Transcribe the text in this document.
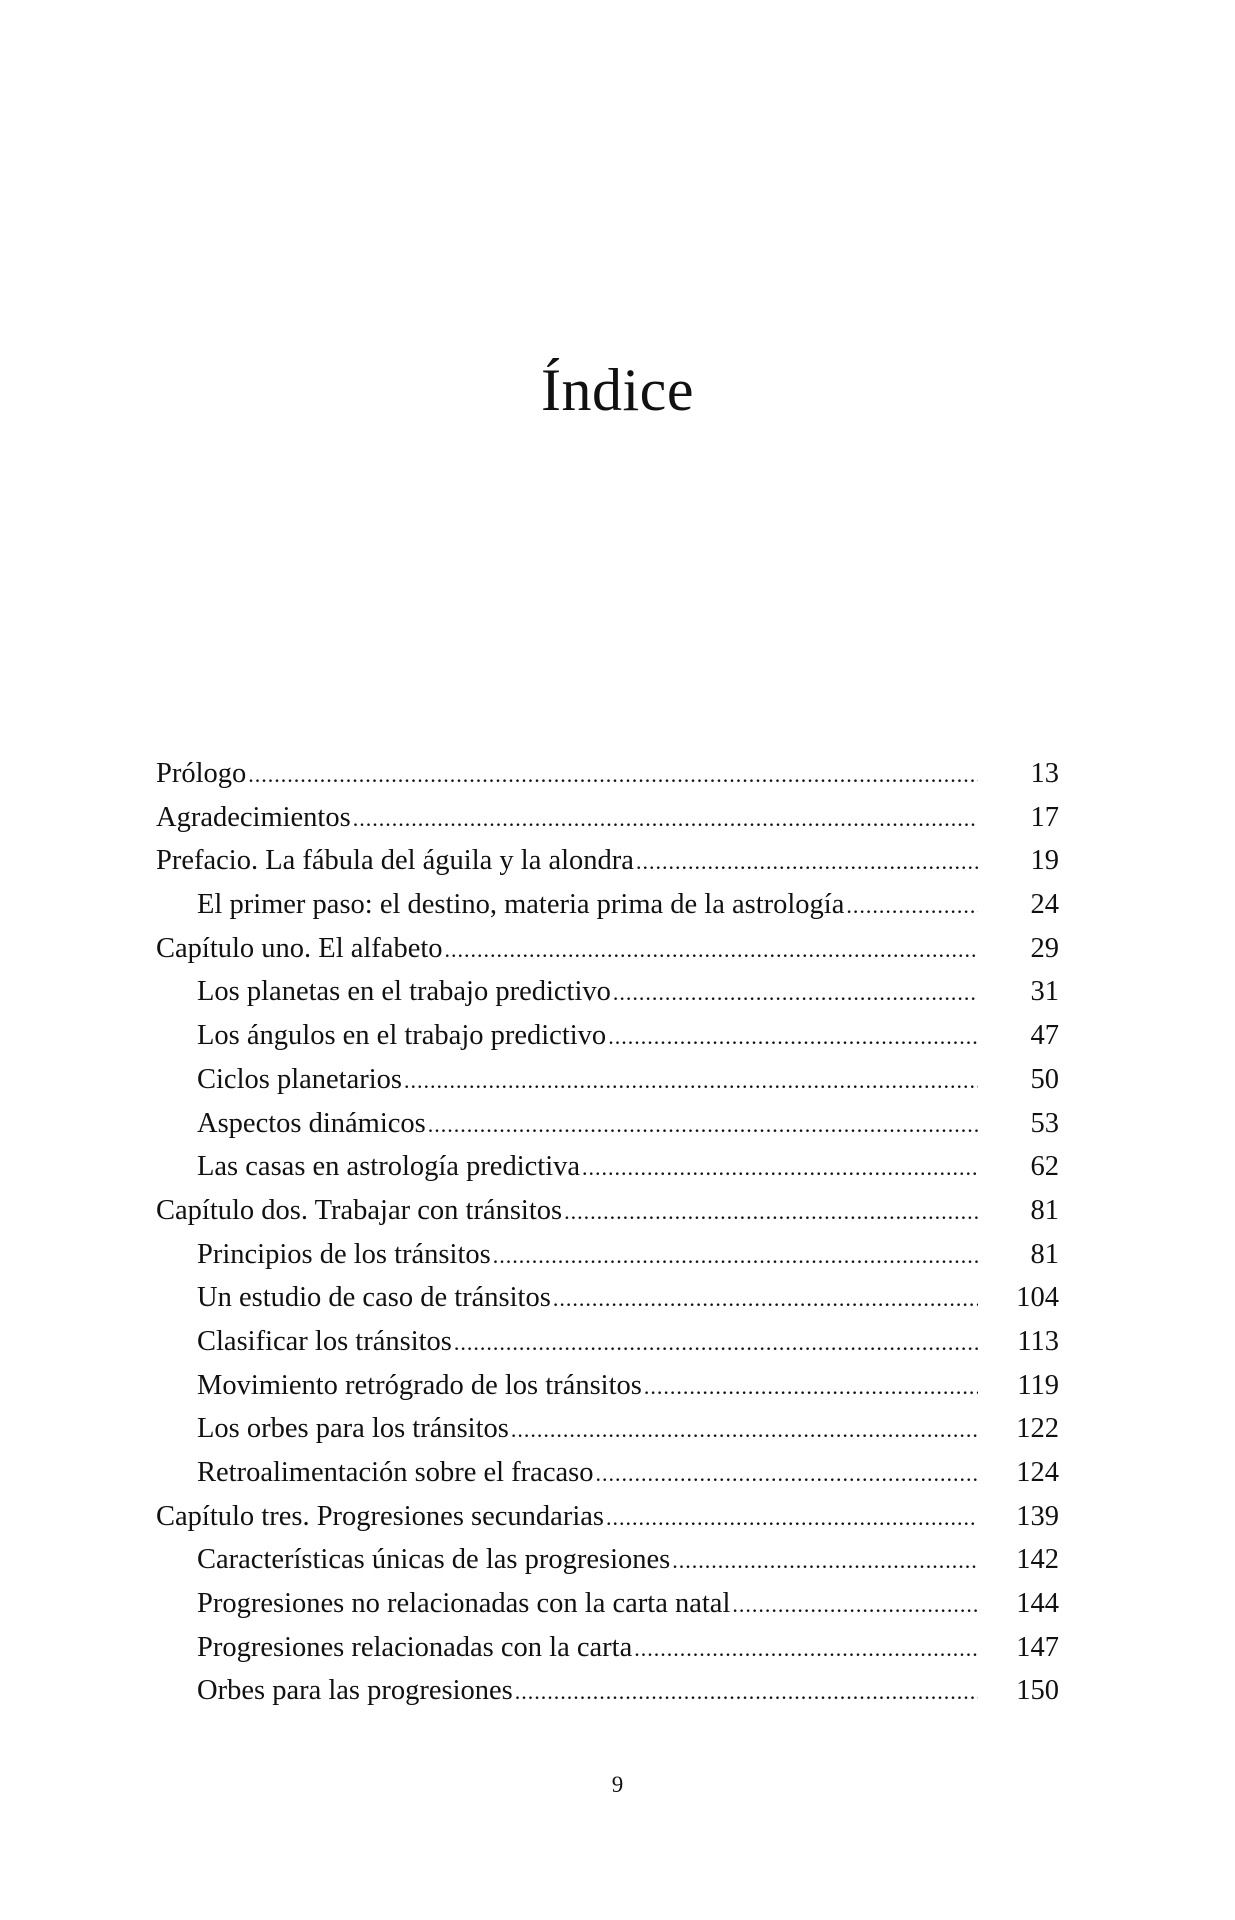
Índice
Prólogo .....	13
Agradecimientos .....	17
Prefacio. La fábula del águila y la alondra .....	19
El primer paso: el destino, materia prima de la astrología .....	24
Capítulo uno. El alfabeto .....	29
Los planetas en el trabajo predictivo .....	31
Los ángulos en el trabajo predictivo .....	47
Ciclos planetarios .....	50
Aspectos dinámicos .....	53
Las casas en astrología predictiva .....	62
Capítulo dos. Trabajar con tránsitos .....	81
Principios de los tránsitos .....	81
Un estudio de caso de tránsitos .....	104
Clasificar los tránsitos .....	113
Movimiento retrógrado de los tránsitos .....	119
Los orbes para los tránsitos .....	122
Retroalimentación sobre el fracaso .....	124
Capítulo tres. Progresiones secundarias .....	139
Características únicas de las progresiones .....	142
Progresiones no relacionadas con la carta natal .....	144
Progresiones relacionadas con la carta .....	147
Orbes para las progresiones .....	150
9
